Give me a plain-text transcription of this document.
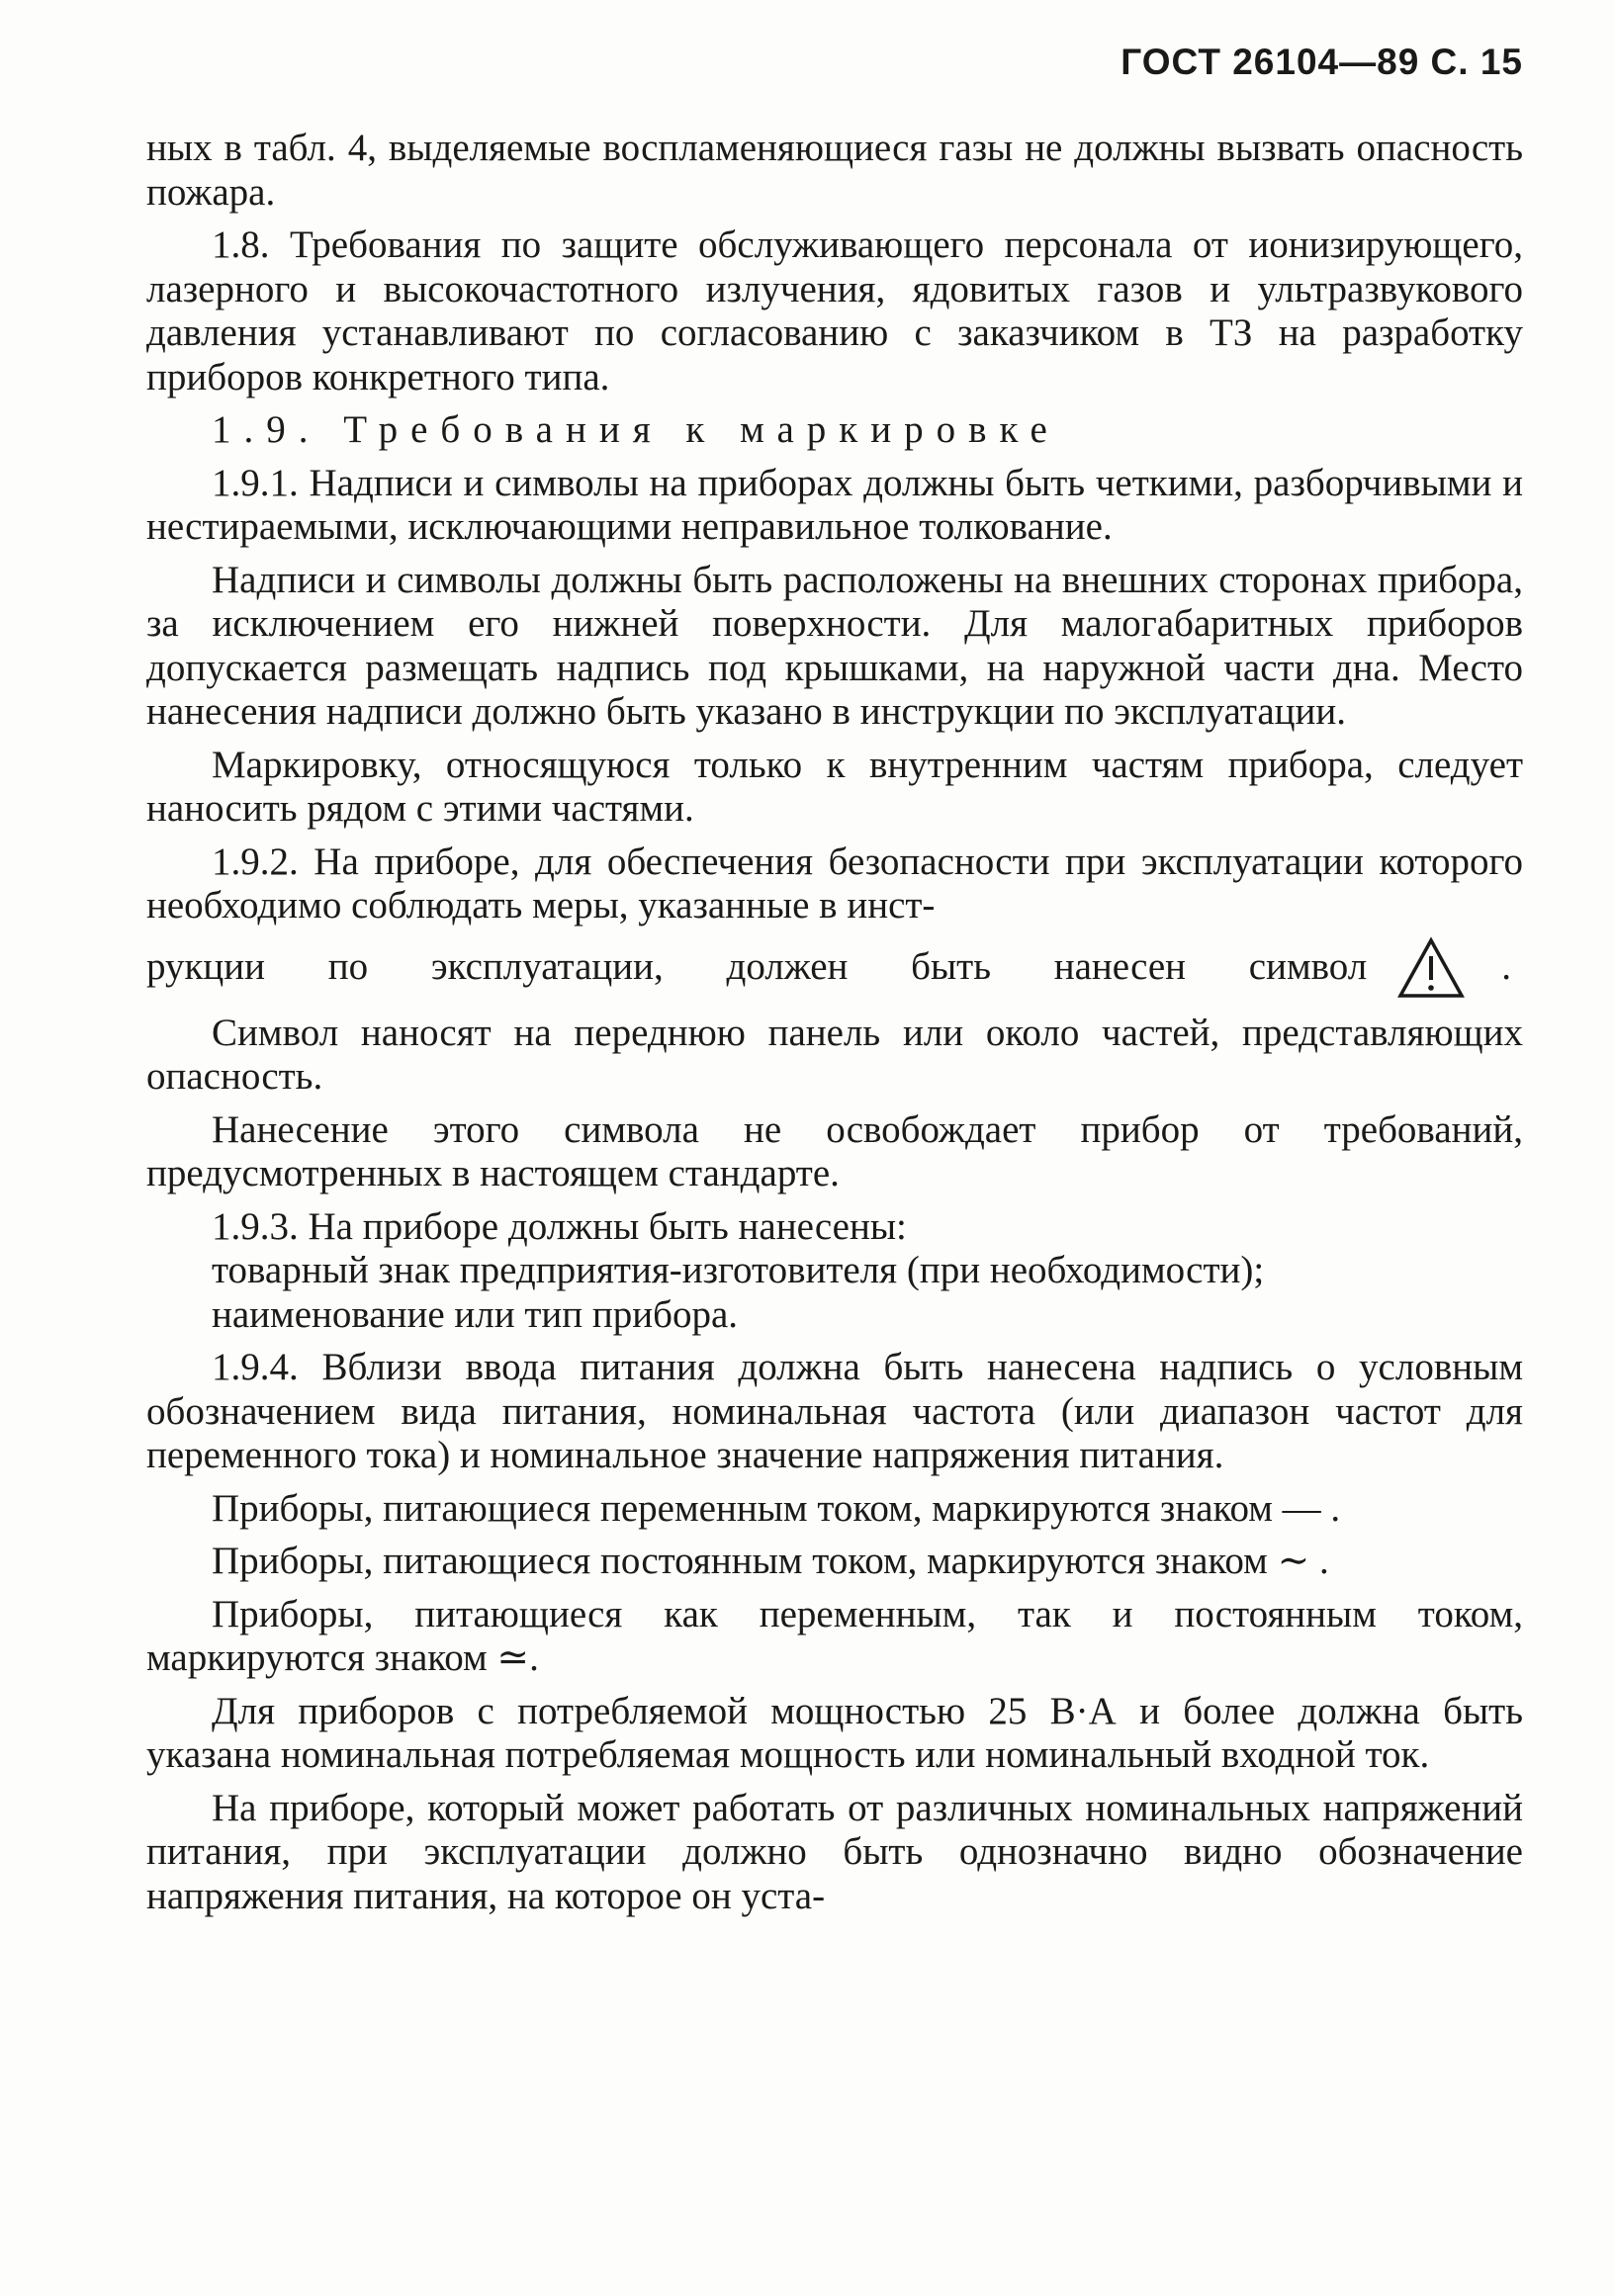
ГОСТ 26104—89 С. 15

ных в табл. 4, выделяемые воспламеняющиеся газы не должны вызвать опасность пожара.

1.8. Требования по защите обслуживающего персонала от ионизирующего, лазерного и высокочастотного излучения, ядовитых газов и ультразвукового давления устанавливают по согласованию с заказчиком в ТЗ на разработку приборов конкретного типа.

1.9. Требования к маркировке

1.9.1. Надписи и символы на приборах должны быть четкими, разборчивыми и нестираемыми, исключающими неправильное толкование.

Надписи и символы должны быть расположены на внешних сторонах прибора, за исключением его нижней поверхности. Для малогабаритных приборов допускается размещать надпись под крышками, на наружной части дна. Место нанесения надписи должно быть указано в инструкции по эксплуатации.

Маркировку, относящуюся только к внутренним частям прибора, следует наносить рядом с этими частями.

1.9.2. На приборе, для обеспечения безопасности при эксплуатации которого необходимо соблюдать меры, указанные в инст-

рукции по эксплуатации, должен быть нанесен символ	.

Символ наносят на переднюю панель или около частей, представляющих опасность.

Нанесение этого символа не освобождает прибор от требований, предусмотренных в настоящем стандарте.

1.9.3. На приборе должны быть нанесены:

товарный знак предприятия-изготовителя (при необходимости);

наименование или тип прибора.

1.9.4. Вблизи ввода питания должна быть нанесена надпись о условным обозначением вида питания, номинальная частота (или диапазон частот для переменного тока) и номинальное значение напряжения питания.

Приборы, питающиеся переменным током, маркируются знаком — .

Приборы, питающиеся постоянным током, маркируются знаком ∼ .

Приборы, питающиеся как переменным, так и постоянным током, маркируются знаком ≃.

Для приборов с потребляемой мощностью 25 В·А и более должна быть указана номинальная потребляемая мощность или номинальный входной ток.

На приборе, который может работать от различных номинальных напряжений питания, при эксплуатации должно быть однозначно видно обозначение напряжения питания, на которое он уста-
